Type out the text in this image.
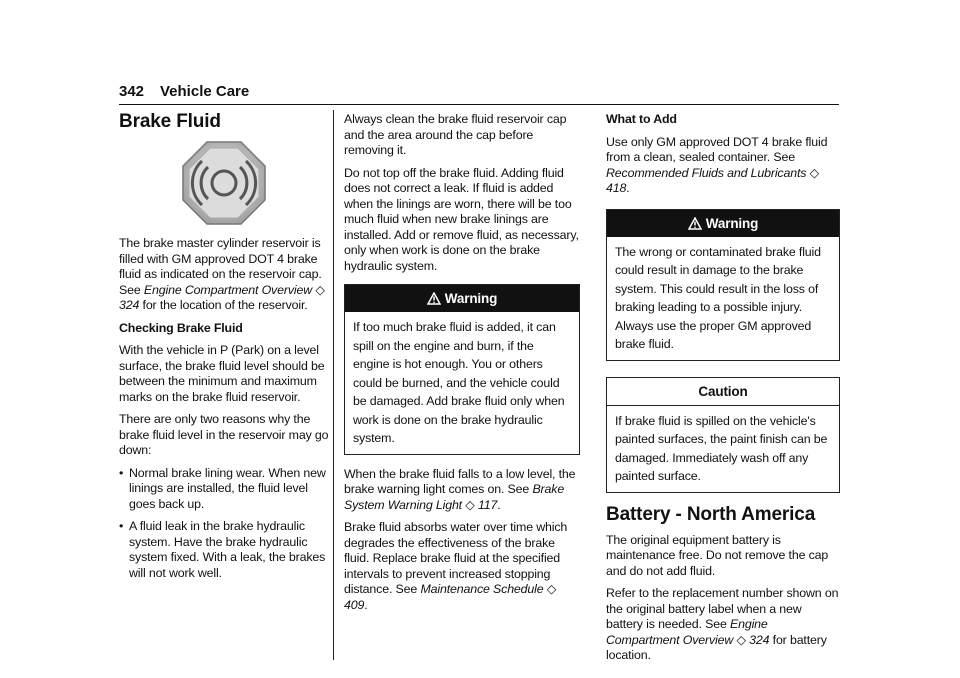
342 Vehicle Care
Brake Fluid

The brake master cylinder reservoir is filled with GM approved DOT 4 brake fluid as indicated on the reservoir cap. See Engine Compartment Overview ◇ 324 for the location of the reservoir.

Checking Brake Fluid

With the vehicle in P (Park) on a level surface, the brake fluid level should be between the minimum and maximum marks on the brake fluid reservoir.

There are only two reasons why the brake fluid level in the reservoir may go down:

• Normal brake lining wear. When new linings are installed, the fluid level goes back up.
• A fluid leak in the brake hydraulic system. Have the brake hydraulic system fixed. With a leak, the brakes will not work well.

Always clean the brake fluid reservoir cap and the area around the cap before removing it.

Do not top off the brake fluid. Adding fluid does not correct a leak. If fluid is added when the linings are worn, there will be too much fluid when new brake linings are installed. Add or remove fluid, as necessary, only when work is done on the brake hydraulic system.

Warning
If too much brake fluid is added, it can spill on the engine and burn, if the engine is hot enough. You or others could be burned, and the vehicle could be damaged. Add brake fluid only when work is done on the brake hydraulic system.

When the brake fluid falls to a low level, the brake warning light comes on. See Brake System Warning Light ◇ 117.

Brake fluid absorbs water over time which degrades the effectiveness of the brake fluid. Replace brake fluid at the specified intervals to prevent increased stopping distance. See Maintenance Schedule ◇ 409.

What to Add

Use only GM approved DOT 4 brake fluid from a clean, sealed container. See Recommended Fluids and Lubricants ◇ 418.

Warning
The wrong or contaminated brake fluid could result in damage to the brake system. This could result in the loss of braking leading to a possible injury. Always use the proper GM approved brake fluid.
Caution
If brake fluid is spilled on the vehicle's painted surfaces, the paint finish can be damaged. Immediately wash off any painted surface.
Battery - North America

The original equipment battery is maintenance free. Do not remove the cap and do not add fluid.

Refer to the replacement number shown on the original battery label when a new battery is needed. See Engine Compartment Overview ◇ 324 for battery location.
